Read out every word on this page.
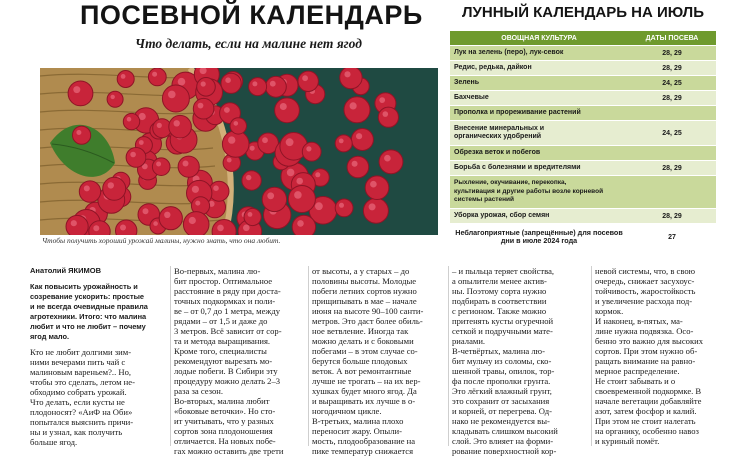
ПОСЕВНОЙ КАЛЕНДАРЬ
Что делать, если на малине нет ягод
Фото Анатолий ЯКИМОВ
Чтобы получить хороший урожай малины, нужно знать, что она любит.
ЛУННЫЙ КАЛЕНДАРЬ НА ИЮЛЬ
ОВОЩНАЯ КУЛЬТУРА	ДАТЫ ПОСЕВА
Лук на зелень (перо), лук-севок	28, 29
Редис, редька, дайкон	28, 29
Зелень	24, 25
Бахчевые	28, 29
Прополка и прореживание растений
Внесение минеральных и органических удобрений	24, 25
Обрезка веток и побегов
Борьба с болезнями и вредителями	28, 29
Рыхление, окучивание, перекопка, культивация и другие работы возле корневой системы растений
Уборка урожая, сбор семян	28, 29
Неблагоприятные (запрещённые) для посевов дни в июле 2024 года	27

Анатолий ЯКИМОВ

Как повысить урожайность и

созревание ускорить: простые

и не всегда очевидные правила

агротехники. Итого: что малина

любит и что не любит – почему

ягод мало.

Кто не любит долгими зим-

ними вечерами пить чай с

малиновым вареньем?.. Но,

чтобы это сделать, летом не-

обходимо собрать урожай.

Что делать, если кусты не

плодоносят? «АиФ на Оби»

попытался выяснить причи-

ны и узнал, как получить

больше ягод.

Во-первых, малина лю-

бит простор. Оптимальное

расстояние в ряду при доста-

точных подкормках и поли-

ве – от 0,7 до 1 метра, между

рядами – от 1,5 и даже до

3 метров. Всё зависит от сор-

та и метода выращивания.

Кроме того, специалисты

рекомендуют вырезать мо-

лодые побеги. В Сибири эту

процедуру можно делать 2–3

раза за сезон.

Во-вторых, малина любит

«боковые веточки». Но сто-

ит учитывать, что у разных

сортов зона плодоношения

отличается. На новых побе-

гах можно оставить две трети

от высоты, а у старых – до

половины высоты. Молодые

побеги летних сортов нужно

прищипывать в мае – начале

июня на высоте 90–100 санти-

метров. Это даст более обиль-

ное ветвление. Иногда так

можно делать и с боковыми

побегами – в этом случае со-

берутся больше плодовых

веток. А вот ремонтантные

лучше не трогать – на их вер-

хушках будет много ягод. Да

и выращивать их лучше в о-

ногодичном цикле.

В-третьих, малина плохо

переносит жару. Опыли-

мость, плодообразование на

пике температур снижается

– и пыльца теряет свойства,

а опылители менее актив-

ны. Поэтому сорта нужно

подбирать в соответствии

с регионом. Также можно

притенять кусты огуречной

сеткой и подручными мате-

риалами.

В-четвёртых, малина лю-

бит мульчу из соломы, ско-

шенной травы, опилок, тор-

фа после прополки грунта.

Это лёгкий влажный грунт,

это сохранит от засыхания

и корней, от перегрева. Од-

нако не рекомендуется вы-

кладывать слишком высокий

слой. Это влияет на форми-

рование поверхностной кор-

невой системы, что, в свою

очередь, снижает засухоус-

тойчивость, жаростойкость

и увеличение расхода под-

кормок.

И наконец, в-пятых, ма-

лине нужна подвязка. Осо-

бенно это важно для высоких

сортов. При этом нужно об-

ращать внимание на равно-

мерное распределение.

Не стоит забывать и о

своевременной подкормке. В

начале вегетации добавляйте

азот, затем фосфор и калий.

При этом не стоит налегать

на органику, особенно навоз

и куриный помёт.
